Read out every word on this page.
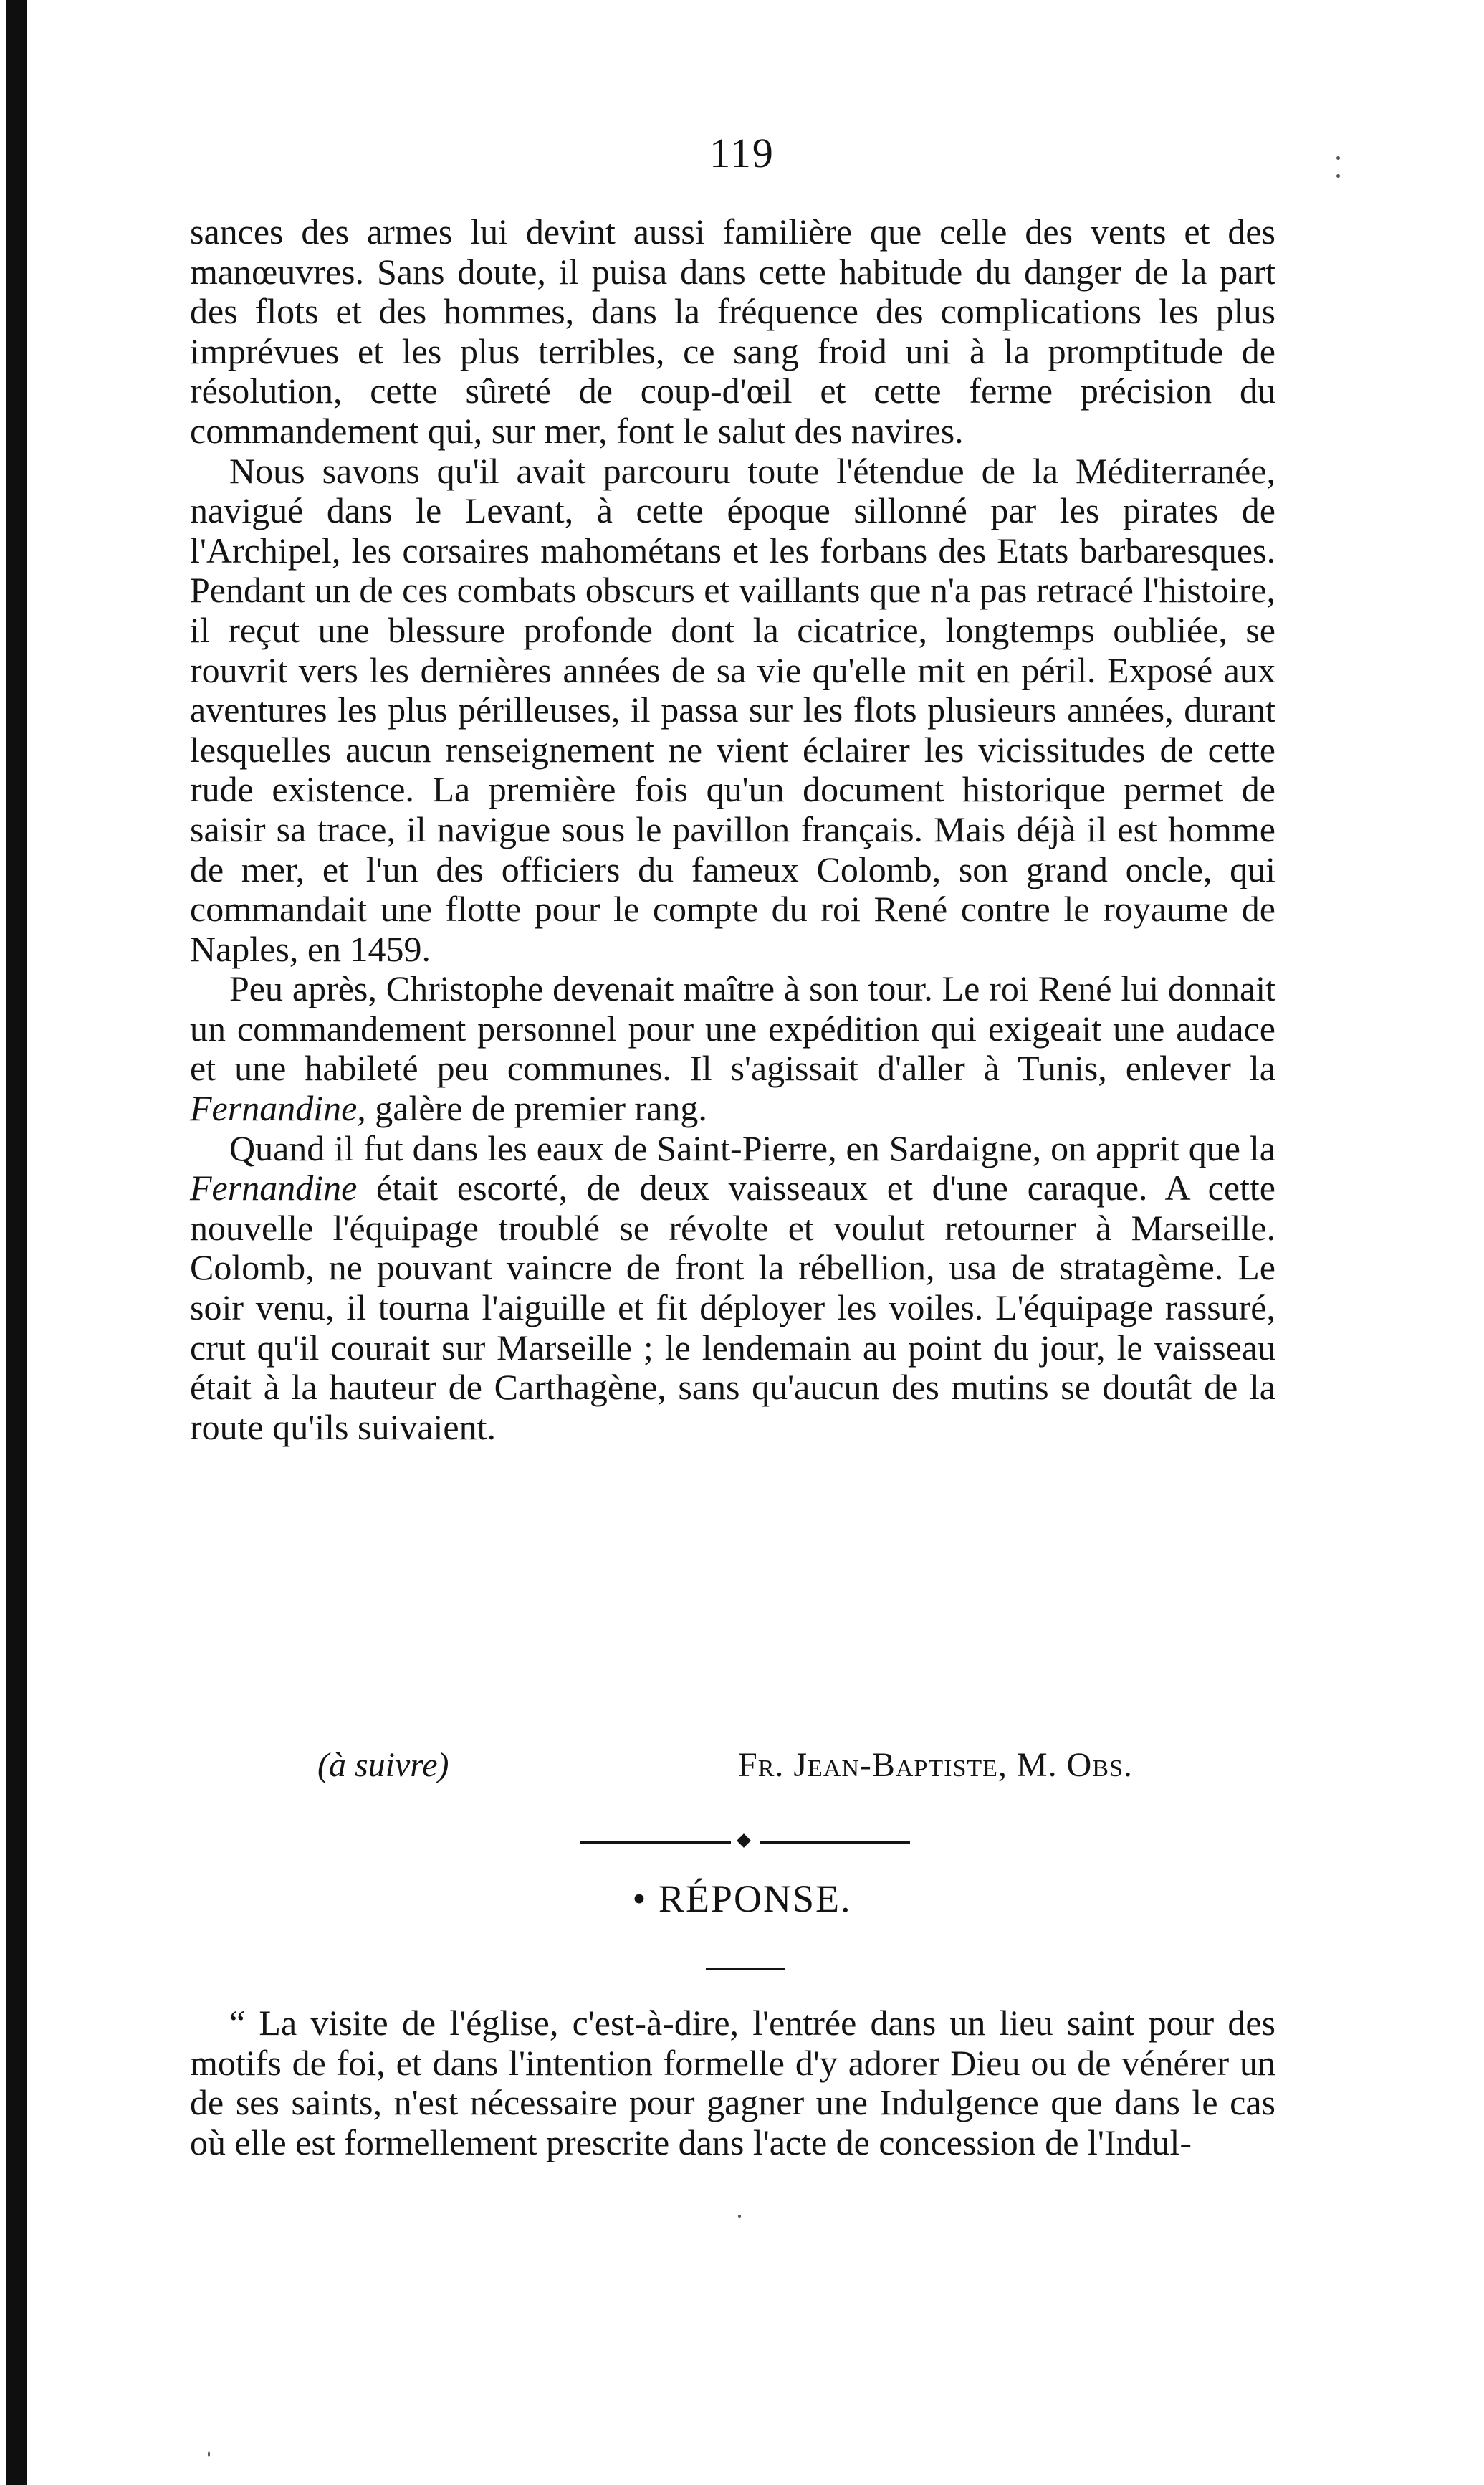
119

sances des armes lui devint aussi familière que celle des vents et des manœuvres. Sans doute, il puisa dans cette habitude du danger de la part des flots et des hommes, dans la fréquence des complications les plus imprévues et les plus terribles, ce sang froid uni à la promptitude de résolution, cette sûreté de coup-d'œil et cette ferme précision du commandement qui, sur mer, font le salut des navires.

Nous savons qu'il avait parcouru toute l'étendue de la Méditerranée, navigué dans le Levant, à cette époque sillonné par les pirates de l'Archipel, les corsaires mahométans et les forbans des Etats barbaresques. Pendant un de ces combats obscurs et vaillants que n'a pas retracé l'histoire, il reçut une blessure profonde dont la cicatrice, longtemps oubliée, se rouvrit vers les dernières années de sa vie qu'elle mit en péril. Exposé aux aventures les plus périlleuses, il passa sur les flots plusieurs années, durant lesquelles aucun renseignement ne vient éclairer les vicissitudes de cette rude existence. La première fois qu'un document historique permet de saisir sa trace, il navigue sous le pavillon français. Mais déjà il est homme de mer, et l'un des officiers du fameux Colomb, son grand oncle, qui commandait une flotte pour le compte du roi René contre le royaume de Naples, en 1459.

Peu après, Christophe devenait maître à son tour. Le roi René lui donnait un commandement personnel pour une expédition qui exigeait une audace et une habileté peu communes. Il s'agissait d'aller à Tunis, enlever la Fernandine, galère de premier rang.

Quand il fut dans les eaux de Saint-Pierre, en Sardaigne, on apprit que la Fernandine était escorté, de deux vaisseaux et d'une caraque. A cette nouvelle l'équipage troublé se révolte et voulut retourner à Marseille. Colomb, ne pouvant vaincre de front la rébellion, usa de stratagème. Le soir venu, il tourna l'aiguille et fit déployer les voiles. L'équipage rassuré, crut qu'il courait sur Marseille ; le lendemain au point du jour, le vaisseau était à la hauteur de Carthagène, sans qu'aucun des mutins se doutât de la route qu'ils suivaient.

(à suivre)	Fr. Jean-Baptiste, M. Obs.
• RÉPONSE.

“ La visite de l'église, c'est-à-dire, l'entrée dans un lieu saint pour des motifs de foi, et dans l'intention formelle d'y adorer Dieu ou de vénérer un de ses saints, n'est nécessaire pour gagner une Indulgence que dans le cas où elle est formellement prescrite dans l'acte de concession de l'Indul-
